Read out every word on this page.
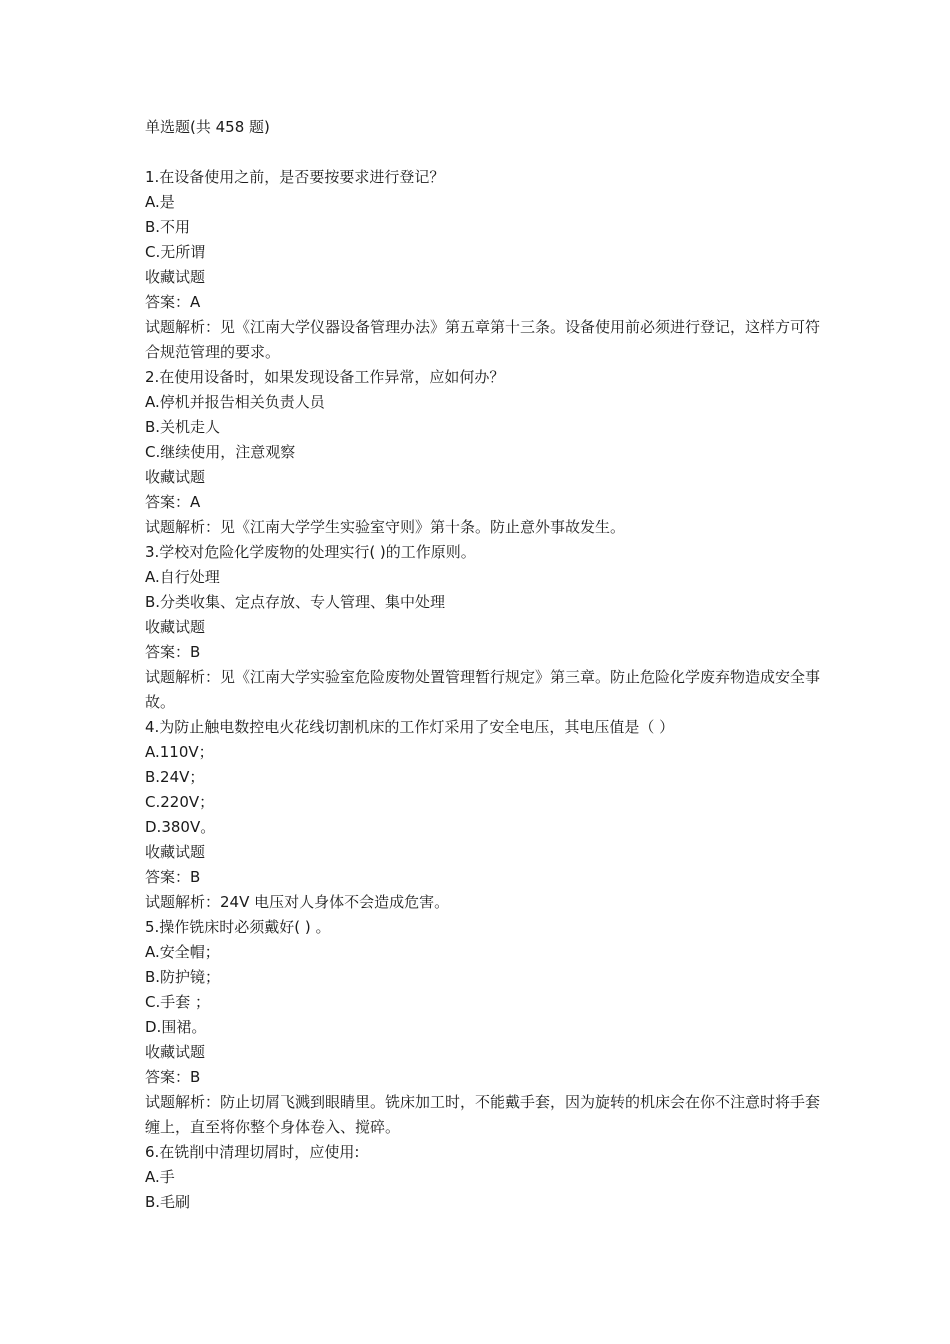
单选题(共 458 题)
1.在设备使用之前，是否要按要求进行登记？
A.是
B.不用
C.无所谓
收藏试题
答案：A
试题解析：见《江南大学仪器设备管理办法》第五章第十三条。设备使用前必须进行登记，这样方可符合规范管理的要求。
2.在使用设备时，如果发现设备工作异常，应如何办？
A.停机并报告相关负责人员
B.关机走人
C.继续使用，注意观察
收藏试题
答案：A
试题解析：见《江南大学学生实验室守则》第十条。防止意外事故发生。
3.学校对危险化学废物的处理实行( )的工作原则。
A.自行处理
B.分类收集、定点存放、专人管理、集中处理
收藏试题
答案：B
试题解析：见《江南大学实验室危险废物处置管理暂行规定》第三章。防止危险化学废弃物造成安全事故。
4.为防止触电数控电火花线切割机床的工作灯采用了安全电压，其电压值是（ ）
A.110V；
B.24V；
C.220V；
D.380V。
收藏试题
答案：B
试题解析：24V 电压对人身体不会造成危害。
5.操作铣床时必须戴好( ) 。
A.安全帽；
B.防护镜；
C.手套 ；
D.围裙。
收藏试题
答案：B
试题解析：防止切屑飞溅到眼睛里。铣床加工时，不能戴手套，因为旋转的机床会在你不注意时将手套缠上，直至将你整个身体卷入、搅碎。
6.在铣削中清理切屑时，应使用:
A.手
B.毛刷
